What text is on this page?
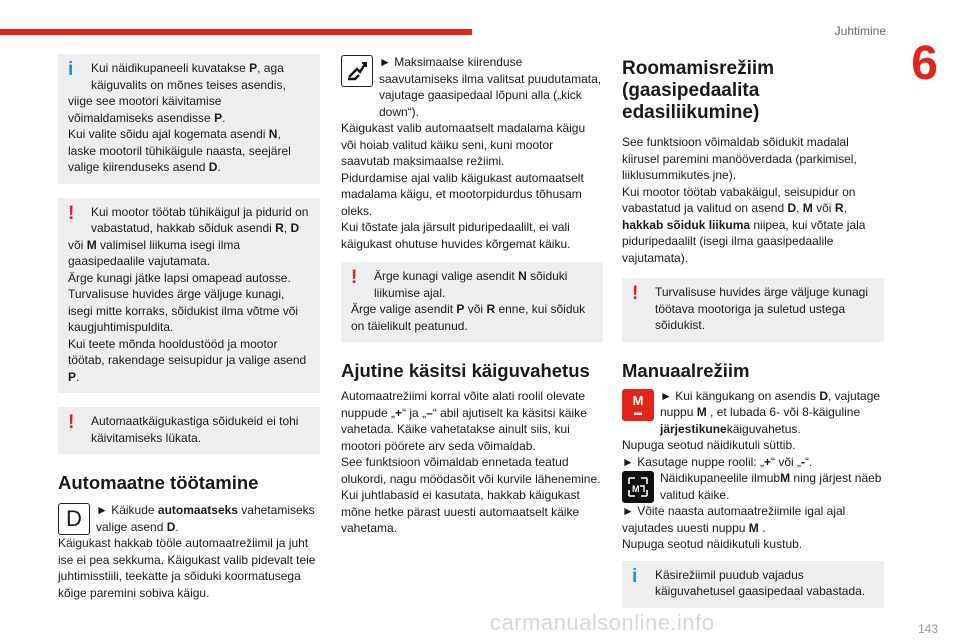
Juhtimine
6
i	Kui näidikupaneeli kuvatakse P, aga käiguvalits on mõnes teises asendis,

viige see mootori käivitamise võimaldamiseks asendisse P.

Kui valite sõidu ajal kogemata asendi N, laske mootoril tühikäigule naasta, seejärel valige kiirenduseks asend D.

!	Kui mootor töötab tühikäigul ja pidurid on vabastatud, hakkab sõiduk asendi R, D

või M valimisel liikuma isegi ilma gaasipedaalile vajutamata.

Ärge kunagi jätke lapsi omapead autosse.

Turvalisuse huvides ärge väljuge kunagi, isegi mitte korraks, sõidukist ilma võtme või kaugjuhtimispuldita.

Kui teete mõnda hooldustööd ja mootor töötab, rakendage seisupidur ja valige asend P.

!	Automaatkäigukastiga sõidukeid ei tohi käivitamiseks lükata.

Automaatne töötamine
D	► Käikude automaatseks vahetamiseks valige asend D.

Käigukast hakkab tööle automaatrežiimil ja juht ise ei pea sekkuma. Käigukast valib pidevalt teie juhtimisstiili, teekatte ja sõiduki koormatusega kõige paremini sobiva käigu.

► Maksimaalse kiirenduse saavutamiseks ilma valitsat puudutamata, vajutage gaasipedaal lõpuni alla („kick down“).

Käigukast valib automaatselt madalama käigu või hoiab valitud käiku seni, kuni mootor saavutab maksimaalse režiimi.

Pidurdamise ajal valib käigukast automaatselt madalama käigu, et mootorpidurdus tõhusam oleks.

Kui tõstate jala järsult piduripedaalilt, ei vali käigukast ohutuse huvides kõrgemat käiku.

!	Ärge kunagi valige asendit N sõiduki liikumise ajal.

Ärge valige asendit P või R enne, kui sõiduk on täielikult peatunud.

Ajutine käsitsi käiguvahetus

Automaatrežiimi korral võite alati roolil olevate nuppude „+“ ja „–“ abil ajutiselt ka käsitsi käike vahetada. Käike vahetatakse ainult siis, kui mootori pöörete arv seda võimaldab.

See funktsioon võimaldab ennetada teatud olukordi, nagu möödasõit või kurvile lähenemine. Kui juhtlabasid ei kasutata, hakkab käigukast mõne hetke pärast uuesti automaatselt käike vahetama.

Roomamisrežiim (gaasipedaalita edasiliikumine)

See funktsioon võimaldab sõidukit madalal kiirusel paremini manööverdada (parkimisel, liiklusummikutes jne).

Kui mootor töötab vabakäigul, seisupidur on vabastatud ja valitud on asend D, M või R, hakkab sõiduk liikuma niipea, kui võtate jala piduripedaalilt (isegi ilma gaasipedaalile vajutamata).

!	Turvalisuse huvides ärge väljuge kunagi töötava mootoriga ja suletud ustega sõidukist.

Manuaalrežiim
M
▬

► Kui kängukang on asendis D, vajutage nuppu M , et lubada 6- või 8-käiguline järjestikunekäiguvahetus.

Nupuga seotud näidikutuli süttib.

► Kasutage nuppe roolil: „+“ või „-“.

M

Näidikupaneelile ilmubM ning järjest näeb valitud käike.

► Võite naasta automaatrežiimile igal ajal vajutades uuesti nuppu M .

Nupuga seotud näidikutuli kustub.

i	Käsirežiimil puudub vajadus käiguvahetusel gaasipedaal vabastada.

carmanualsonline.info	143
